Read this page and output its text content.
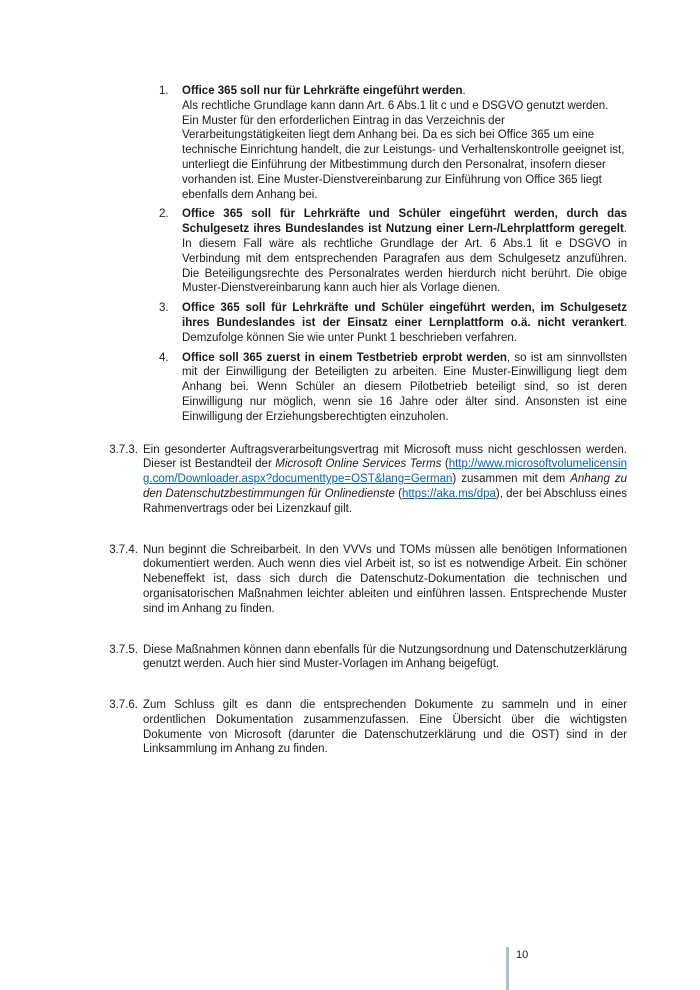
1. Office 365 soll nur für Lehrkräfte eingeführt werden.
Als rechtliche Grundlage kann dann Art. 6 Abs.1 lit c und e DSGVO genutzt werden. Ein Muster für den erforderlichen Eintrag in das Verzeichnis der Verarbeitungstätigkeiten liegt dem Anhang bei. Da es sich bei Office 365 um eine technische Einrichtung handelt, die zur Leistungs- und Verhaltenskontrolle geeignet ist, unterliegt die Einführung der Mitbestimmung durch den Personalrat, insofern dieser vorhanden ist. Eine Muster-Dienstvereinbarung zur Einführung von Office 365 liegt ebenfalls dem Anhang bei.
2. Office 365 soll für Lehrkräfte und Schüler eingeführt werden, durch das Schulgesetz ihres Bundeslandes ist Nutzung einer Lern-/Lehrplattform geregelt. In diesem Fall wäre als rechtliche Grundlage der Art. 6 Abs.1 lit e DSGVO in Verbindung mit dem entsprechenden Paragrafen aus dem Schulgesetz anzuführen. Die Beteiligungsrechte des Personalrates werden hierdurch nicht berührt. Die obige Muster-Dienstvereinbarung kann auch hier als Vorlage dienen.
3. Office 365 soll für Lehrkräfte und Schüler eingeführt werden, im Schulgesetz ihres Bundeslandes ist der Einsatz einer Lernplattform o.ä. nicht verankert. Demzufolge können Sie wie unter Punkt 1 beschrieben verfahren.
4. Office soll 365 zuerst in einem Testbetrieb erprobt werden, so ist am sinnvollsten mit der Einwilligung der Beteiligten zu arbeiten. Eine Muster-Einwilligung liegt dem Anhang bei. Wenn Schüler an diesem Pilotbetrieb beteiligt sind, so ist deren Einwilligung nur möglich, wenn sie 16 Jahre oder älter sind. Ansonsten ist eine Einwilligung der Erziehungsberechtigten einzuholen.
3.7.3. Ein gesonderter Auftragsverarbeitungsvertrag mit Microsoft muss nicht geschlossen werden. Dieser ist Bestandteil der Microsoft Online Services Terms (http://www.microsoftvolumelicensing.com/Downloader.aspx?documenttype=OST&lang=German) zusammen mit dem Anhang zu den Datenschutzbestimmungen für Onlinedienste (https://aka.ms/dpa), der bei Abschluss eines Rahmenvertrags oder bei Lizenzkauf gilt.
3.7.4. Nun beginnt die Schreibarbeit. In den VVVs und TOMs müssen alle benötigen Informationen dokumentiert werden. Auch wenn dies viel Arbeit ist, so ist es notwendige Arbeit. Ein schöner Nebeneffekt ist, dass sich durch die Datenschutz-Dokumentation die technischen und organisatorischen Maßnahmen leichter ableiten und einführen lassen. Entsprechende Muster sind im Anhang zu finden.
3.7.5. Diese Maßnahmen können dann ebenfalls für die Nutzungsordnung und Datenschutzerklärung genutzt werden. Auch hier sind Muster-Vorlagen im Anhang beigefügt.
3.7.6. Zum Schluss gilt es dann die entsprechenden Dokumente zu sammeln und in einer ordentlichen Dokumentation zusammenzufassen. Eine Übersicht über die wichtigsten Dokumente von Microsoft (darunter die Datenschutzerklärung und die OST) sind in der Linksammlung im Anhang zu finden.
10
